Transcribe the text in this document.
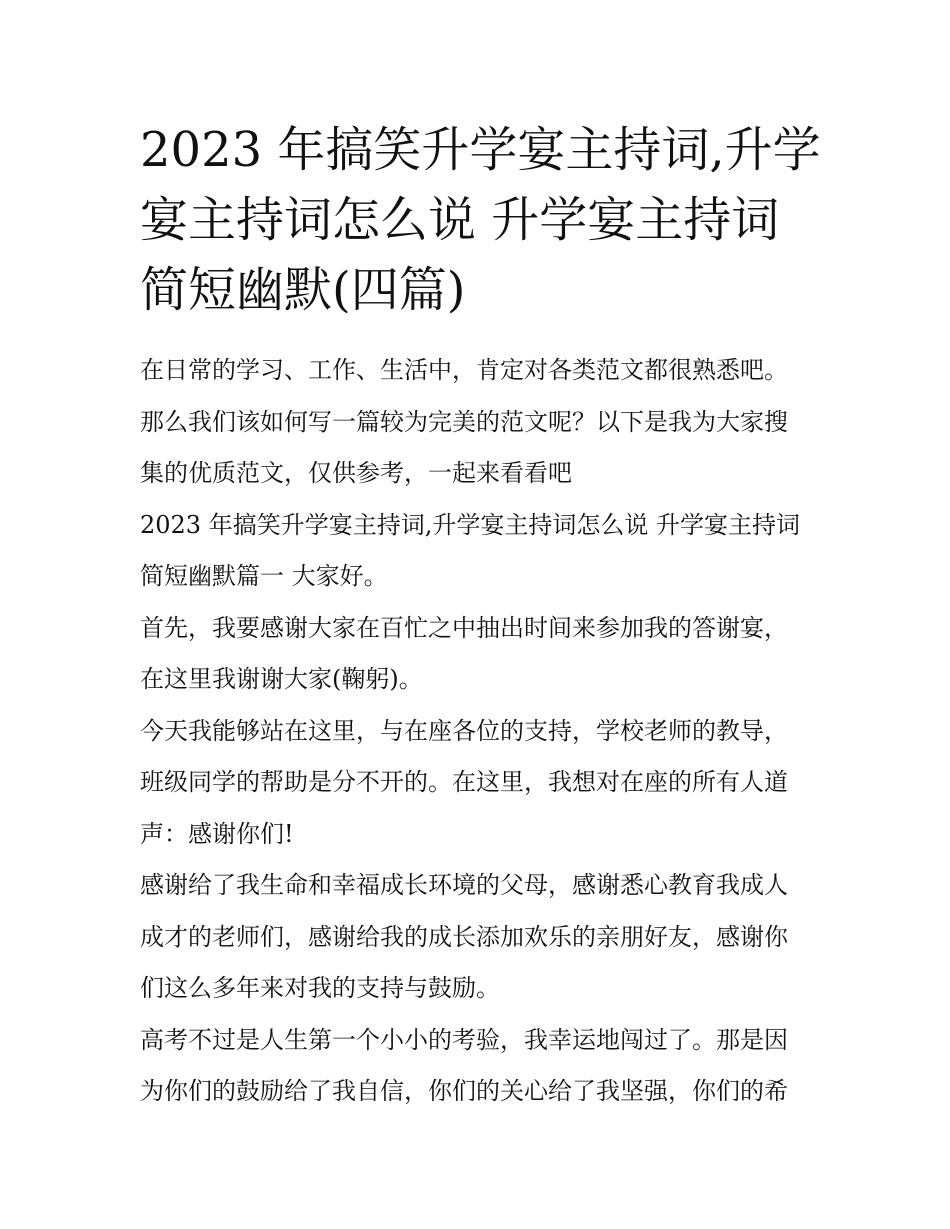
2023 年搞笑升学宴主持词,升学
宴主持词怎么说 升学宴主持词
简短幽默(四篇)
在日常的学习、工作、生活中，肯定对各类范文都很熟悉吧。
那么我们该如何写一篇较为完美的范文呢？以下是我为大家搜
集的优质范文，仅供参考，一起来看看吧
2023 年搞笑升学宴主持词,升学宴主持词怎么说 升学宴主持词
简短幽默篇一 大家好。
首先，我要感谢大家在百忙之中抽出时间来参加我的答谢宴，
在这里我谢谢大家(鞠躬)。
今天我能够站在这里，与在座各位的支持，学校老师的教导，
班级同学的帮助是分不开的。在这里，我想对在座的所有人道
声：感谢你们!
感谢给了我生命和幸福成长环境的父母，感谢悉心教育我成人
成才的老师们，感谢给我的成长添加欢乐的亲朋好友，感谢你
们这么多年来对我的支持与鼓励。
高考不过是人生第一个小小的考验，我幸运地闯过了。那是因
为你们的鼓励给了我自信，你们的关心给了我坚强，你们的希
